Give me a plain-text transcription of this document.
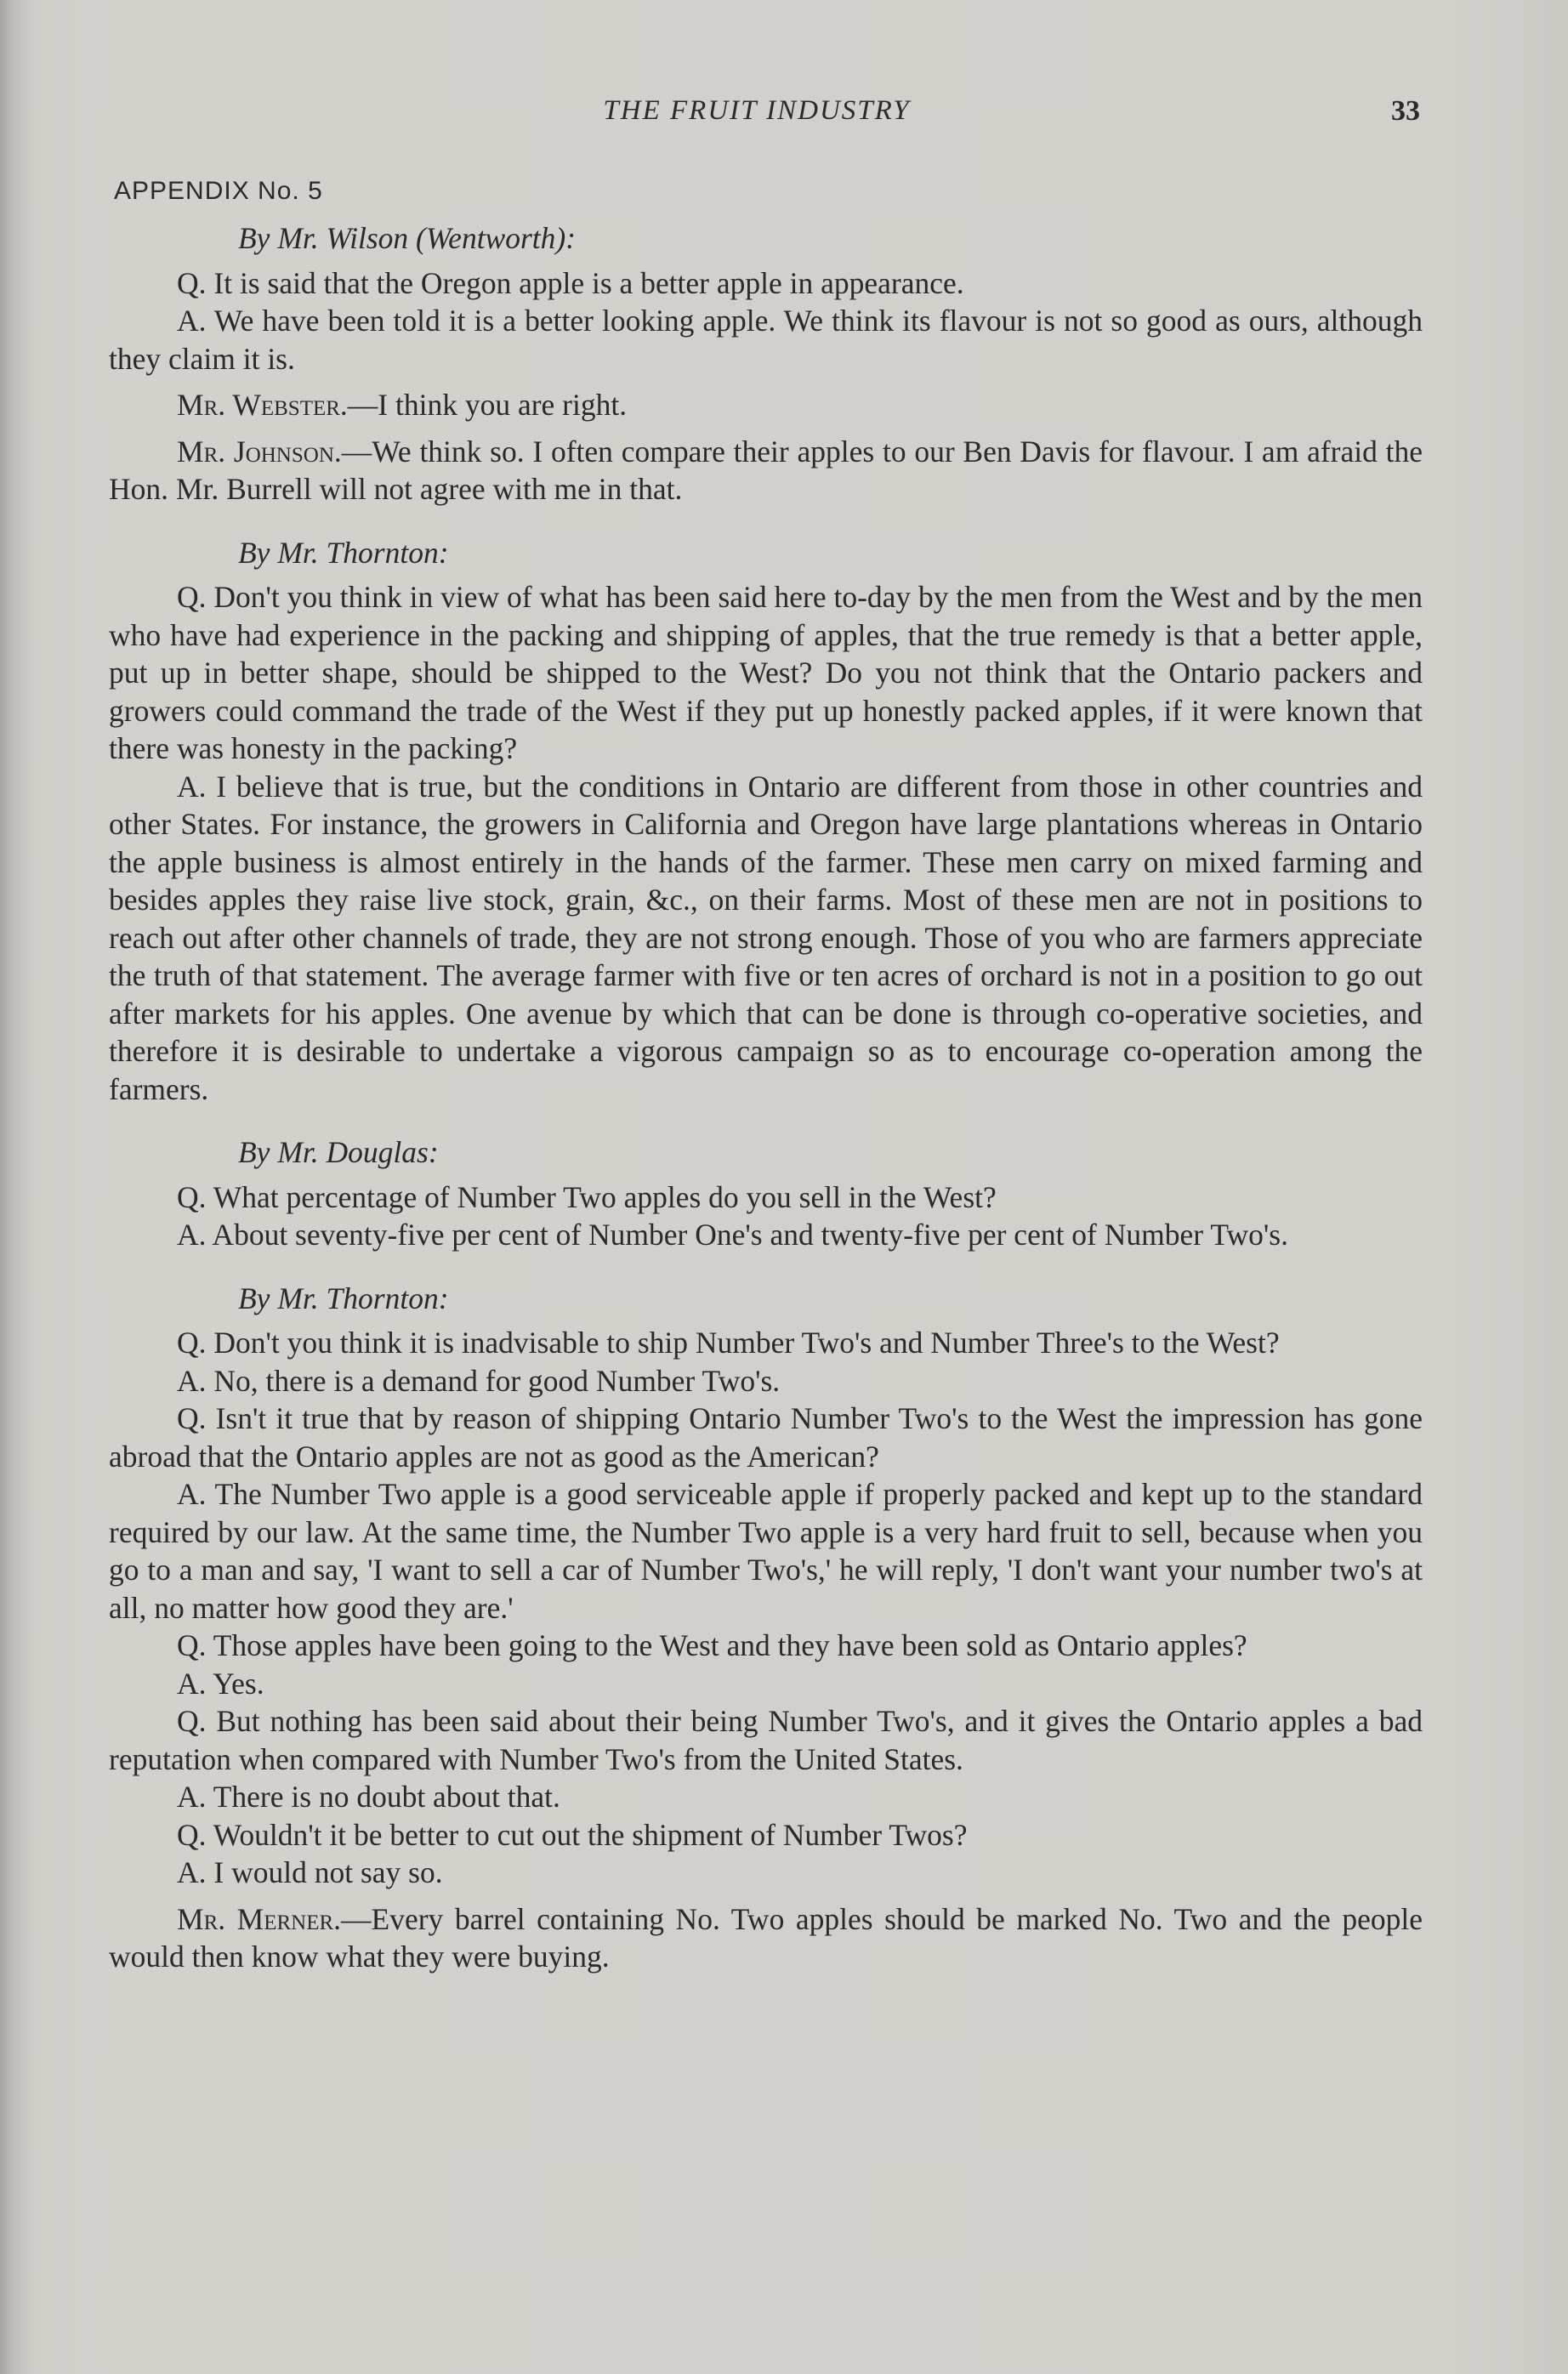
THE FRUIT INDUSTRY	33
APPENDIX No. 5

By Mr. Wilson (Wentworth):

Q. It is said that the Oregon apple is a better apple in appearance.

A. We have been told it is a better looking apple. We think its flavour is not so good as ours, although they claim it is.

Mr. Webster.—I think you are right.

Mr. Johnson.—We think so. I often compare their apples to our Ben Davis for flavour. I am afraid the Hon. Mr. Burrell will not agree with me in that.

By Mr. Thornton:

Q. Don't you think in view of what has been said here to-day by the men from the West and by the men who have had experience in the packing and shipping of apples, that the true remedy is that a better apple, put up in better shape, should be shipped to the West? Do you not think that the Ontario packers and growers could command the trade of the West if they put up honestly packed apples, if it were known that there was honesty in the packing?

A. I believe that is true, but the conditions in Ontario are different from those in other countries and other States. For instance, the growers in California and Oregon have large plantations whereas in Ontario the apple business is almost entirely in the hands of the farmer. These men carry on mixed farming and besides apples they raise live stock, grain, &c., on their farms. Most of these men are not in positions to reach out after other channels of trade, they are not strong enough. Those of you who are farmers appreciate the truth of that statement. The average farmer with five or ten acres of orchard is not in a position to go out after markets for his apples. One avenue by which that can be done is through co-operative societies, and therefore it is desirable to undertake a vigorous campaign so as to encourage co-operation among the farmers.

By Mr. Douglas:

Q. What percentage of Number Two apples do you sell in the West?

A. About seventy-five per cent of Number One's and twenty-five per cent of Number Two's.

By Mr. Thornton:

Q. Don't you think it is inadvisable to ship Number Two's and Number Three's to the West?

A. No, there is a demand for good Number Two's.

Q. Isn't it true that by reason of shipping Ontario Number Two's to the West the impression has gone abroad that the Ontario apples are not as good as the American?

A. The Number Two apple is a good serviceable apple if properly packed and kept up to the standard required by our law. At the same time, the Number Two apple is a very hard fruit to sell, because when you go to a man and say, 'I want to sell a car of Number Two's,' he will reply, 'I don't want your number two's at all, no matter how good they are.'

Q. Those apples have been going to the West and they have been sold as Ontario apples?

A. Yes.

Q. But nothing has been said about their being Number Two's, and it gives the Ontario apples a bad reputation when compared with Number Two's from the United States.

A. There is no doubt about that.

Q. Wouldn't it be better to cut out the shipment of Number Twos?

A. I would not say so.

Mr. Merner.—Every barrel containing No. Two apples should be marked No. Two and the people would then know what they were buying.
